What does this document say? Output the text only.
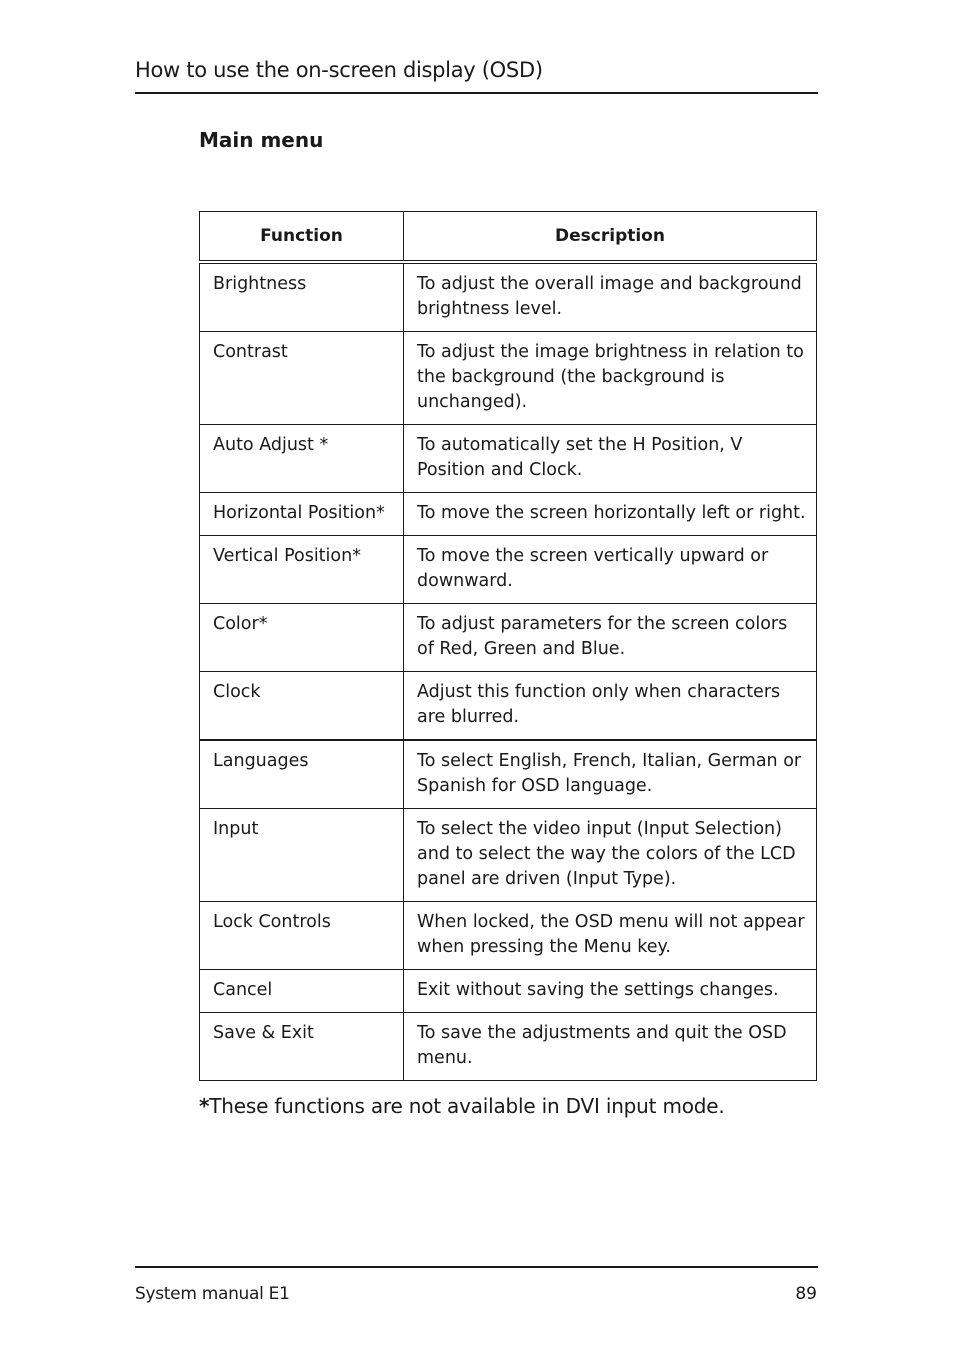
How to use the on-screen display (OSD)
Main menu
Function	Description
Brightness	To adjust the overall image and background brightness level.
Contrast	To adjust the image brightness in relation to the background (the background is unchanged).
Auto Adjust *	To automatically set the H Position, V Position and Clock.
Horizontal Position*	To move the screen horizontally left or right.
Vertical Position*	To move the screen vertically upward or downward.
Color*	To adjust parameters for the screen colors of Red, Green and Blue.
Clock	Adjust this function only when characters are blurred.
Languages	To select English, French, Italian, German or Spanish for OSD language.
Input	To select the video input (Input Selection) and to select the way the colors of the LCD panel are driven (Input Type).
Lock Controls	When locked, the OSD menu will not appear when pressing the Menu key.
Cancel	Exit without saving the settings changes.
Save & Exit	To save the adjustments and quit the OSD menu.
*These functions are not available in DVI input mode.
System manual E1	89
